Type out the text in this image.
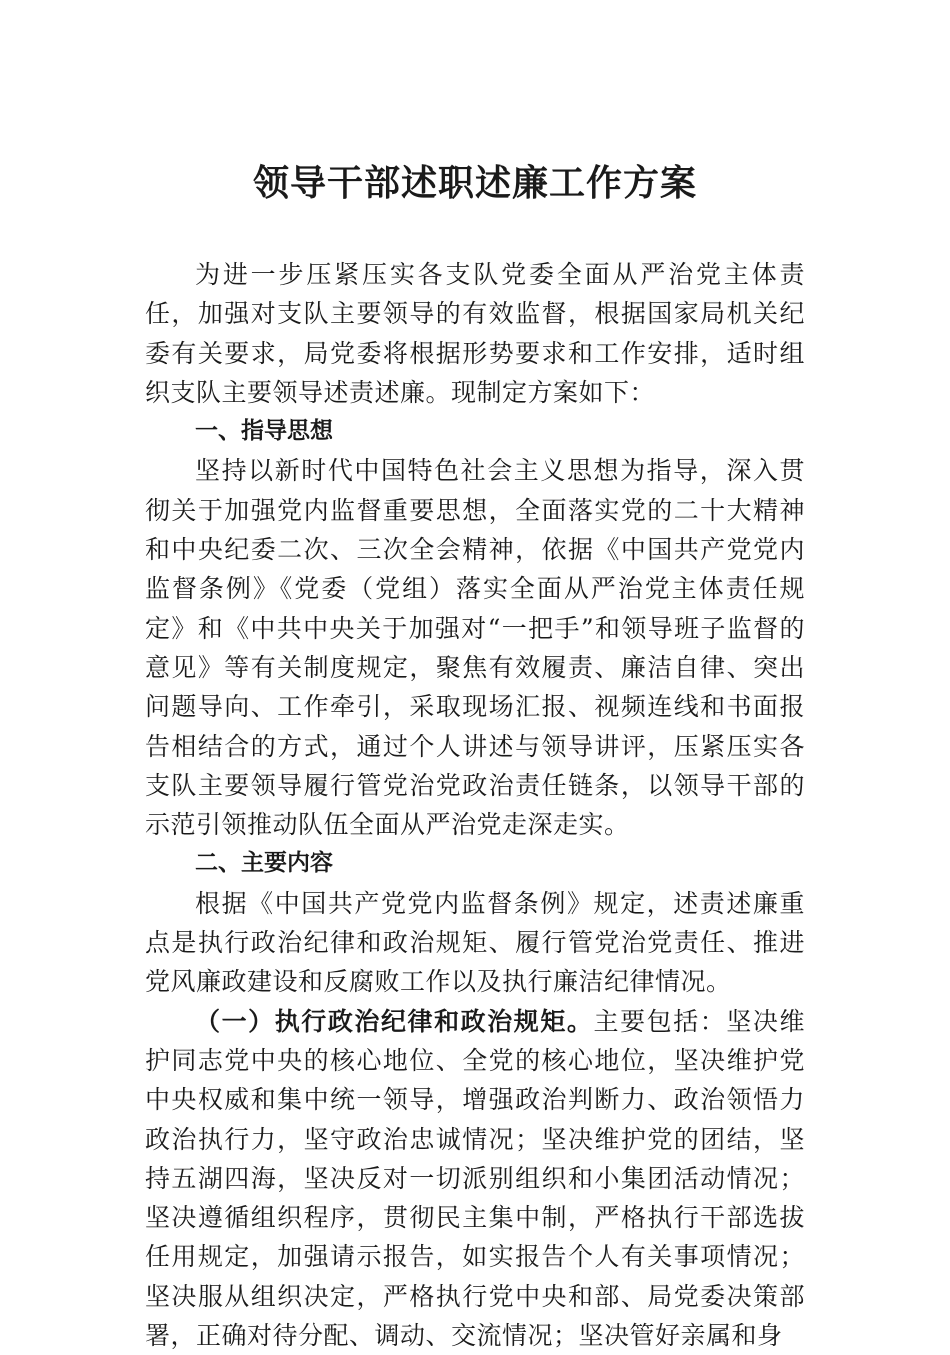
领导干部述职述廉工作方案

为进一步压紧压实各支队党委全面从严治党主体责任，加强对支队主要领导的有效监督，根据国家局机关纪委有关要求，局党委将根据形势要求和工作安排，适时组织支队主要领导述责述廉。现制定方案如下：

一、指导思想

坚持以新时代中国特色社会主义思想为指导，深入贯彻关于加强党内监督重要思想，全面落实党的二十大精神和中央纪委二次、三次全会精神，依据《中国共产党党内监督条例》《党委（党组）落实全面从严治党主体责任规定》和《中共中央关于加强对“一把手”和领导班子监督的意见》等有关制度规定，聚焦有效履责、廉洁自律、突出问题导向、工作牵引，采取现场汇报、视频连线和书面报告相结合的方式，通过个人讲述与领导讲评，压紧压实各支队主要领导履行管党治党政治责任链条，以领导干部的示范引领推动队伍全面从严治党走深走实。

二、主要内容

根据《中国共产党党内监督条例》规定，述责述廉重点是执行政治纪律和政治规矩、履行管党治党责任、推进党风廉政建设和反腐败工作以及执行廉洁纪律情况。

（一）执行政治纪律和政治规矩。主要包括：坚决维护同志党中央的核心地位、全党的核心地位，坚决维护党中央权威和集中统一领导，增强政治判断力、政治领悟力政治执行力，坚守政治忠诚情况；坚决维护党的团结，坚持五湖四海，坚决反对一切派别组织和小集团活动情况；坚决遵循组织程序，贯彻民主集中制，严格执行干部选拔任用规定，加强请示报告，如实报告个人有关事项情况；坚决服从组织决定，严格执行党中央和部、局党委决策部署，正确对待分配、调动、交流情况；坚决管好亲属和身
